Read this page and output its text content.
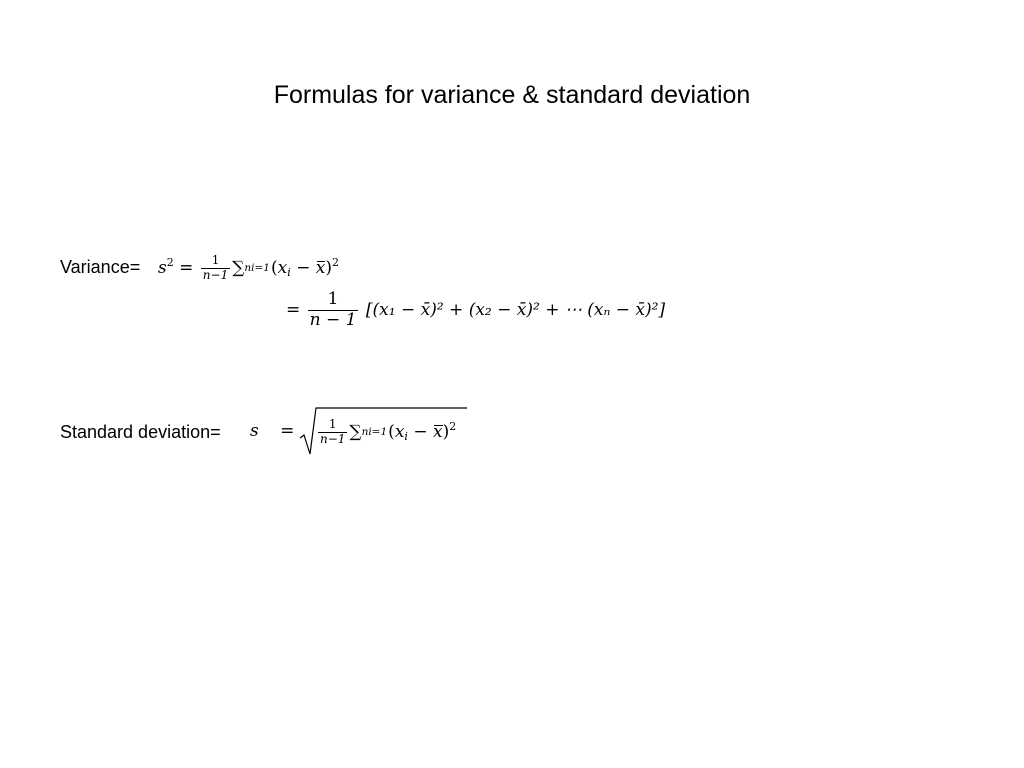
Formulas for variance & standard deviation
Variance= $s^2 = \frac{1}{n-1} \sum ni=1(x_i - x)^2$
= $\frac{1}{n - 1} [(x_1$ − x̄)² + (x₂ − x̄)² + ⋯ (xₙ − x̄)²]
Standard deviation= $s = \frac{1}{n-1} \sum ni=1(x_i - x)^2$
